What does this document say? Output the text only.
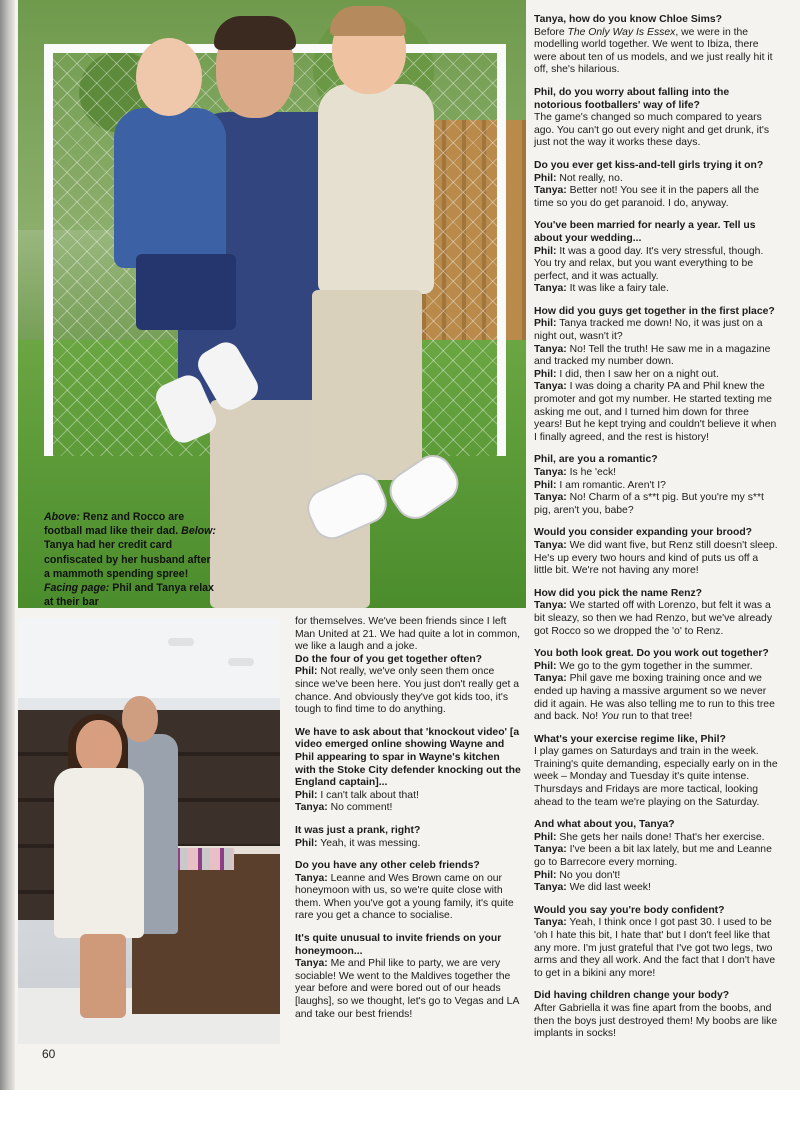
Above: Renz and Rocco are football mad like their dad. Below: Tanya had her credit card confiscated by her husband after a mammoth spending spree! Facing page: Phil and Tanya relax at their bar
60

for themselves. We've been friends since I left Man United at 21. We had quite a lot in common, we like a laugh and a joke.

Do the four of you get together often?

Phil: Not really, we've only seen them once since we've been here. You just don't really get a chance. And obviously they've got kids too, it's tough to find time to do anything.

We have to ask about that 'knockout video' [a video emerged online showing Wayne and Phil appearing to spar in Wayne's kitchen with the Stoke City defender knocking out the England captain]...

Phil: I can't talk about that!

Tanya: No comment!

It was just a prank, right?

Phil: Yeah, it was messing.

Do you have any other celeb friends?

Tanya: Leanne and Wes Brown came on our honeymoon with us, so we're quite close with them. When you've got a young family, it's quite rare you get a chance to socialise.

It's quite unusual to invite friends on your honeymoon...

Tanya: Me and Phil like to party, we are very sociable! We went to the Maldives together the year before and were bored out of our heads [laughs], so we thought, let's go to Vegas and LA and take our best friends!

Tanya, how do you know Chloe Sims?

Before The Only Way Is Essex, we were in the modelling world together. We went to Ibiza, there were about ten of us models, and we just really hit it off, she's hilarious.

Phil, do you worry about falling into the notorious footballers' way of life?

The game's changed so much compared to years ago. You can't go out every night and get drunk, it's just not the way it works these days.

Do you ever get kiss-and-tell girls trying it on?

Phil: Not really, no.

Tanya: Better not! You see it in the papers all the time so you do get paranoid. I do, anyway.

You've been married for nearly a year. Tell us about your wedding...

Phil: It was a good day. It's very stressful, though. You try and relax, but you want everything to be perfect, and it was actually.

Tanya: It was like a fairy tale.

How did you guys get together in the first place?

Phil: Tanya tracked me down! No, it was just on a night out, wasn't it?

Tanya: No! Tell the truth! He saw me in a magazine and tracked my number down.

Phil: I did, then I saw her on a night out.

Tanya: I was doing a charity PA and Phil knew the promoter and got my number. He started texting me asking me out, and I turned him down for three years! But he kept trying and couldn't believe it when I finally agreed, and the rest is history!

Phil, are you a romantic?

Tanya: Is he 'eck!

Phil: I am romantic. Aren't I?

Tanya: No! Charm of a s**t pig. But you're my s**t pig, aren't you, babe?

Would you consider expanding your brood?

Tanya: We did want five, but Renz still doesn't sleep. He's up every two hours and kind of puts us off a little bit. We're not having any more!

How did you pick the name Renz?

Tanya: We started off with Lorenzo, but felt it was a bit sleazy, so then we had Renzo, but we've already got Rocco so we dropped the 'o' to Renz.

You both look great. Do you work out together?

Phil: We go to the gym together in the summer.

Tanya: Phil gave me boxing training once and we ended up having a massive argument so we never did it again. He was also telling me to run to this tree and back. No! You run to that tree!

What's your exercise regime like, Phil?

I play games on Saturdays and train in the week. Training's quite demanding, especially early on in the week – Monday and Tuesday it's quite intense. Thursdays and Fridays are more tactical, looking ahead to the team we're playing on the Saturday.

And what about you, Tanya?

Phil: She gets her nails done! That's her exercise.

Tanya: I've been a bit lax lately, but me and Leanne go to Barrecore every morning.

Phil: No you don't!

Tanya: We did last week!

Would you say you're body confident?

Tanya: Yeah, I think once I got past 30. I used to be 'oh I hate this bit, I hate that' but I don't feel like that any more. I'm just grateful that I've got two legs, two arms and they all work. And the fact that I don't have to get in a bikini any more!

Did having children change your body?

After Gabriella it was fine apart from the boobs, and then the boys just destroyed them! My boobs are like implants in socks!
